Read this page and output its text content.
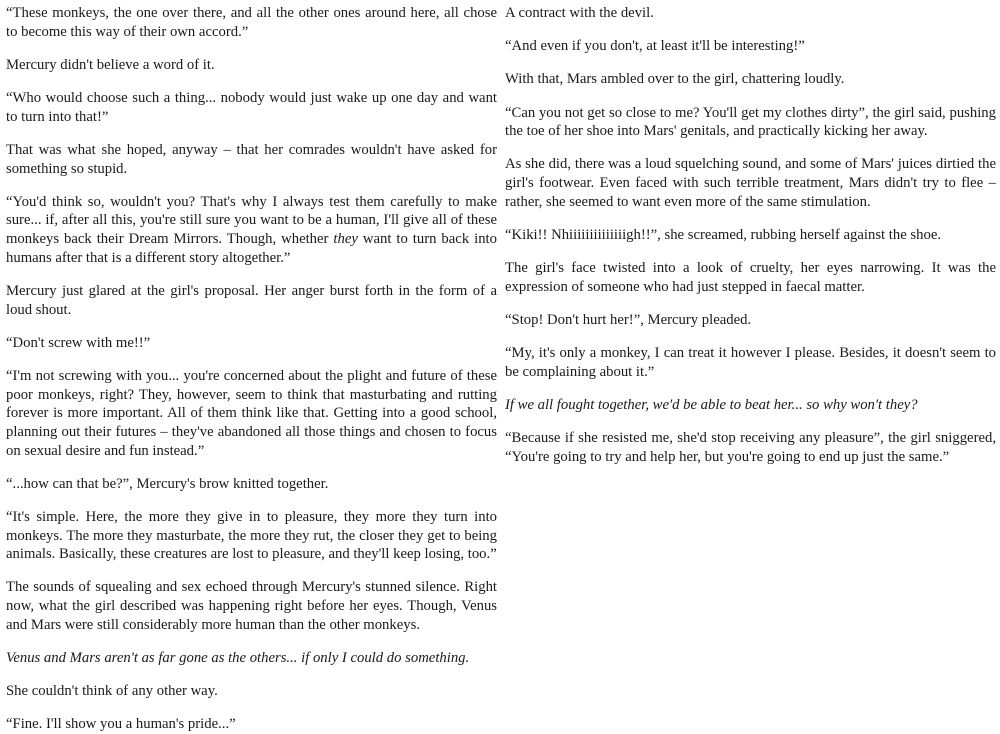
“These monkeys, the one over there, and all the other ones around here, all chose to become this way of their own accord.”

Mercury didn't believe a word of it.

“Who would choose such a thing... nobody would just wake up one day and want to turn into that!”

That was what she hoped, anyway – that her comrades wouldn't have asked for something so stupid.

“You'd think so, wouldn't you? That's why I always test them carefully to make sure... if, after all this, you're still sure you want to be a human, I'll give all of these monkeys back their Dream Mirrors. Though, whether they want to turn back into humans after that is a different story altogether.”

Mercury just glared at the girl's proposal. Her anger burst forth in the form of a loud shout.

“Don't screw with me!!”

“I'm not screwing with you... you're concerned about the plight and future of these poor monkeys, right? They, however, seem to think that masturbating and rutting forever is more important. All of them think like that. Getting into a good school, planning out their futures – they've abandoned all those things and chosen to focus on sexual desire and fun instead.”

“...how can that be?”, Mercury's brow knitted together.

“It's simple. Here, the more they give in to pleasure, they more they turn into monkeys. The more they masturbate, the more they rut, the closer they get to being animals. Basically, these creatures are lost to pleasure, and they'll keep losing, too.”

The sounds of squealing and sex echoed through Mercury's stunned silence. Right now, what the girl described was happening right before her eyes. Though, Venus and Mars were still considerably more human than the other monkeys.

Venus and Mars aren't as far gone as the others... if only I could do something.

She couldn't think of any other way.

“Fine. I'll show you a human's pride...”

A contract with the devil.

“And even if you don't, at least it'll be interesting!”

With that, Mars ambled over to the girl, chattering loudly.

“Can you not get so close to me? You'll get my clothes dirty”, the girl said, pushing the toe of her shoe into Mars' genitals, and practically kicking her away.

As she did, there was a loud squelching sound, and some of Mars' juices dirtied the girl's footwear. Even faced with such terrible treatment, Mars didn't try to flee – rather, she seemed to want even more of the same stimulation.

“Kiki!! Nhiiiiiiiiiiiiiigh!!”, she screamed, rubbing herself against the shoe.

The girl's face twisted into a look of cruelty, her eyes narrowing. It was the expression of someone who had just stepped in faecal matter.

“Stop! Don't hurt her!”, Mercury pleaded.

“My, it's only a monkey, I can treat it however I please. Besides, it doesn't seem to be complaining about it.”

If we all fought together, we'd be able to beat her... so why won't they?

“Because if she resisted me, she'd stop receiving any pleasure”, the girl sniggered, “You're going to try and help her, but you're going to end up just the same.”
